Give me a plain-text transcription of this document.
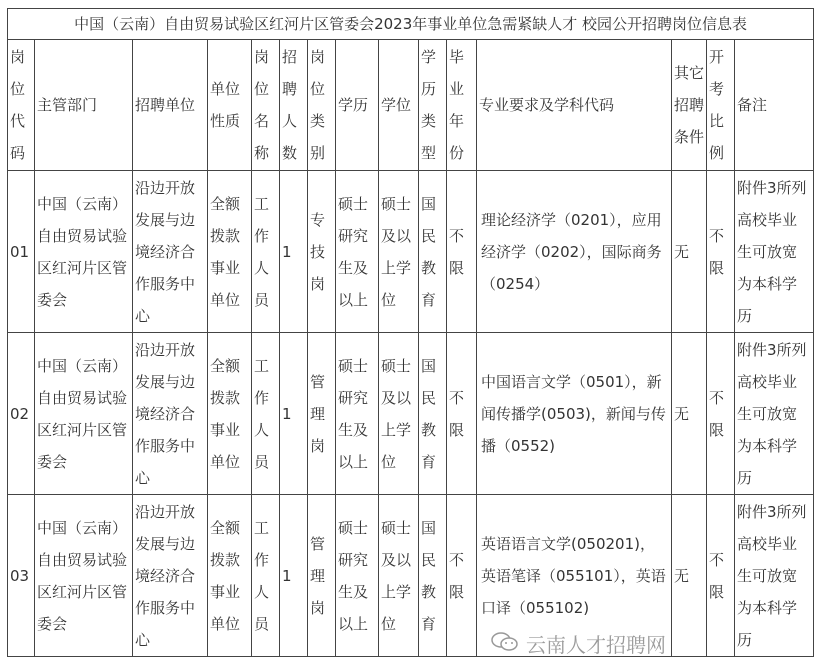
中国（云南）自由贸易试验区红河片区管委会2023年事业单位急需紧缺人才 校园公开招聘岗位信息表														
岗位代码	主管部门	招聘单位	单位性质	岗位名称	招聘人数	岗位类别	学历	学位	学历类型	毕业年份	专业要求及学科代码	其它招聘条件	开考比例	备注
01	中国（云南）自由贸易试验区红河片区管委会	沿边开放发展与边境经济合作服务中心	全额拨款事业单位	工作人员	1	专技岗	硕士研究生及以上	硕士及以上学位	国民教育	不限	理论经济学（0201），应用经济学（0202），国际商务（0254）	无	不限	附件3所列高校毕业生可放宽为本科学历
02	中国（云南）自由贸易试验区红河片区管委会	沿边开放发展与边境经济合作服务中心	全额拨款事业单位	工作人员	1	管理岗	硕士研究生及以上	硕士及以上学位	国民教育	不限	中国语言文学（0501），新闻传播学(0503)，新闻与传播（0552)	无	不限	附件3所列高校毕业生可放宽为本科学历
03	中国（云南）自由贸易试验区红河片区管委会	沿边开放发展与边境经济合作服务中心	全额拨款事业单位	工作人员	1	管理岗	硕士研究生及以上	硕士及以上学位	国民教育	不限	英语语言文学(050201)，英语笔译（055101），英语口译（055102)	无	不限	附件3所列高校毕业生可放宽为本科学历
云南人才招聘网
